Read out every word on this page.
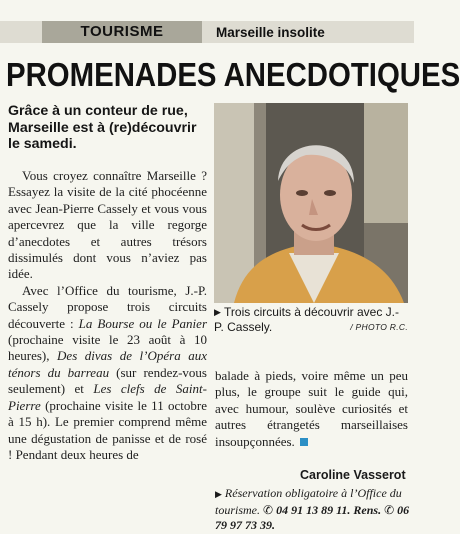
TOURISME	Marseille insolite
PROMENADES ANECDOTIQUES
Grâce à un conteur de rue, Marseille est à (re)découvrir le samedi.

Vous croyez connaître Marseille ? Essayez la visite de la cité phocéenne avec Jean-Pierre Cassely et vous vous apercevrez que la ville regorge d’anecdotes et autres trésors dissimulés dont vous n’aviez pas idée.

Avec l’Office du tourisme, J.-P. Cassely propose trois circuits découverte : La Bourse ou le Panier (prochaine visite le 23 août à 10 heures), Des divas de l’Opéra aux ténors du barreau (sur rendez-vous seulement) et Les clefs de Saint-Pierre (prochaine visite le 11 octobre à 15 h). Le premier comprend même une dégustation de panisse et de rosé ! Pendant deux heures de

▶ Trois circuits à découvrir avec J.-P. Cassely.	/ PHOTO R.C.

balade à pieds, voire même un peu plus, le groupe suit le guide qui, avec humour, soulève curiosités et autres étrangetés marseillaises insoupçonnées.

Caroline Vasserot
▶ Réservation obligatoire à l’Office du tourisme. ✆ 04 91 13 89 11. Rens. ✆ 06 79 97 73 39.
